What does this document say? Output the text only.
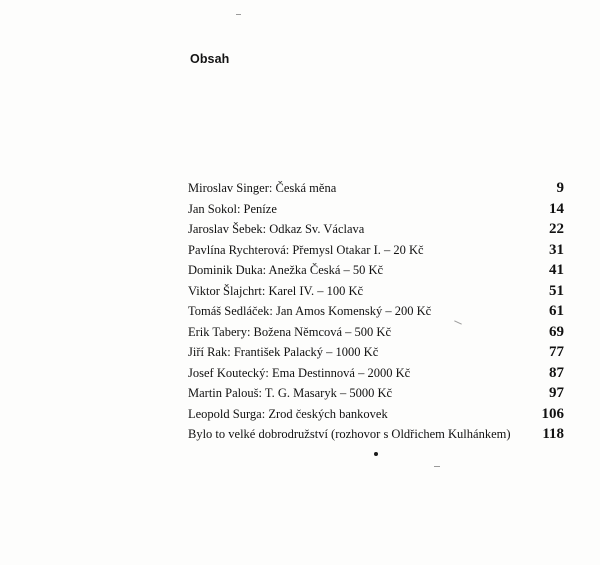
Obsah
Miroslav Singer: Česká měna	9
Jan Sokol: Peníze	14
Jaroslav Šebek: Odkaz Sv. Václava	22
Pavlína Rychterová: Přemysl Otakar I. – 20 Kč	31
Dominik Duka: Anežka Česká – 50 Kč	41
Viktor Šlajchrt: Karel IV. – 100 Kč	51
Tomáš Sedláček: Jan Amos Komenský – 200 Kč	61
Erik Tabery: Božena Němcová – 500 Kč	69
Jiří Rak: František Palacký – 1000 Kč	77
Josef Koutecký: Ema Destinnová – 2000 Kč	87
Martin Palouš: T. G. Masaryk – 5000 Kč	97
Leopold Surga: Zrod českých bankovek	106
Bylo to velké dobrodružství (rozhovor s Oldřichem Kulhánkem) 118
